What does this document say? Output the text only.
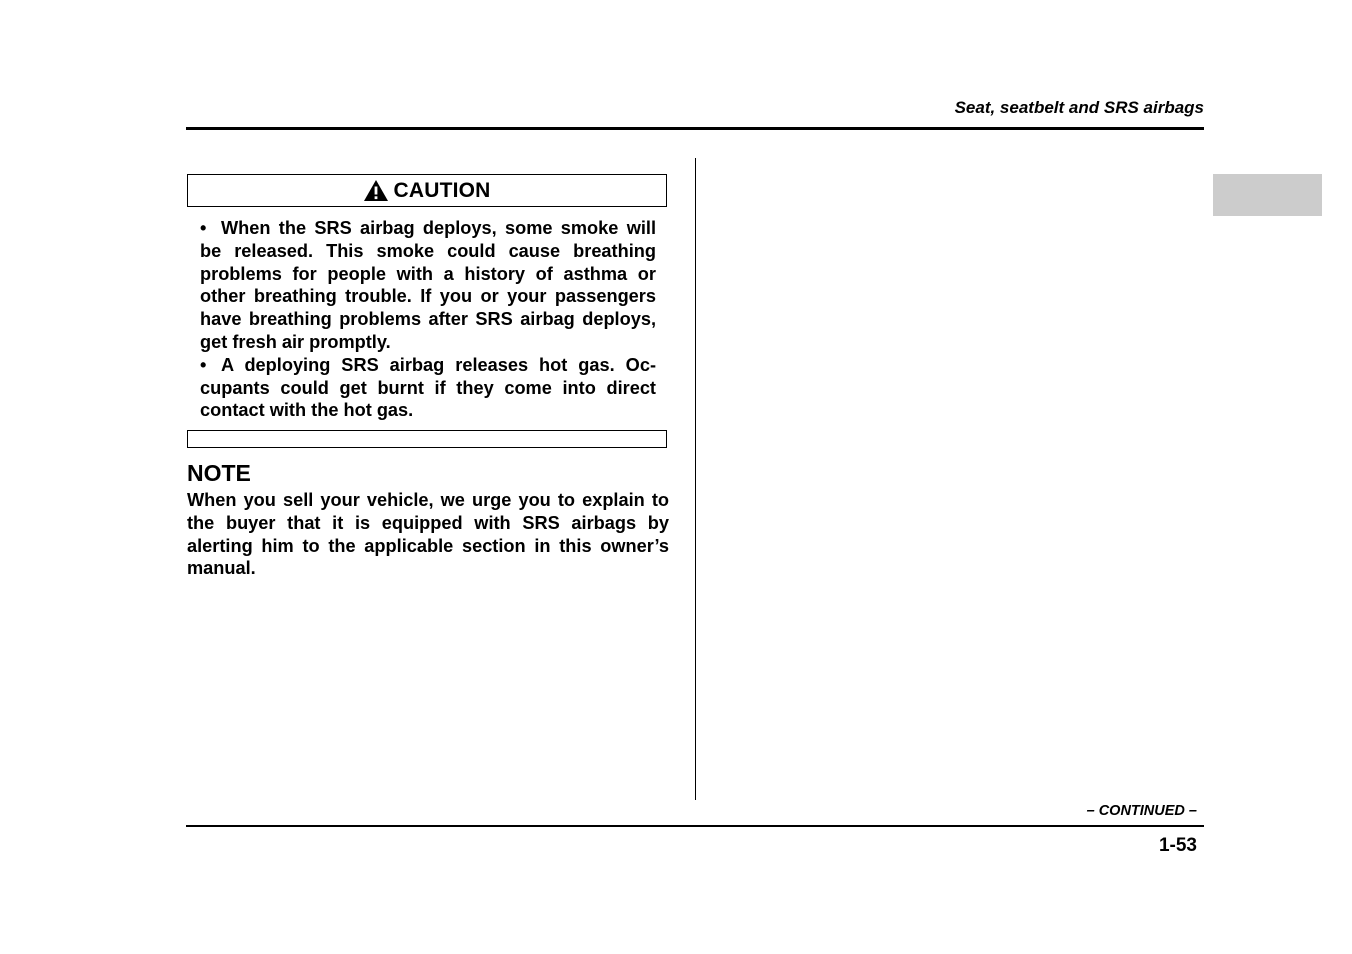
Seat, seatbelt and SRS airbags
CAUTION

• When the SRS airbag deploys, some smoke will be released. This smoke could cause breathing problems for people with a history of asthma or other breathing trouble. If you or your passengers have breathing problems after SRS airbag deploys, get fresh air promptly.

• A deploying SRS airbag releases hot gas. Oc-cupants could get burnt if they come into direct contact with the hot gas.

NOTE

When you sell your vehicle, we urge you to explain to the buyer that it is equipped with SRS airbags by alerting him to the applicable section in this owner’s manual.

– CONTINUED –
1-53
